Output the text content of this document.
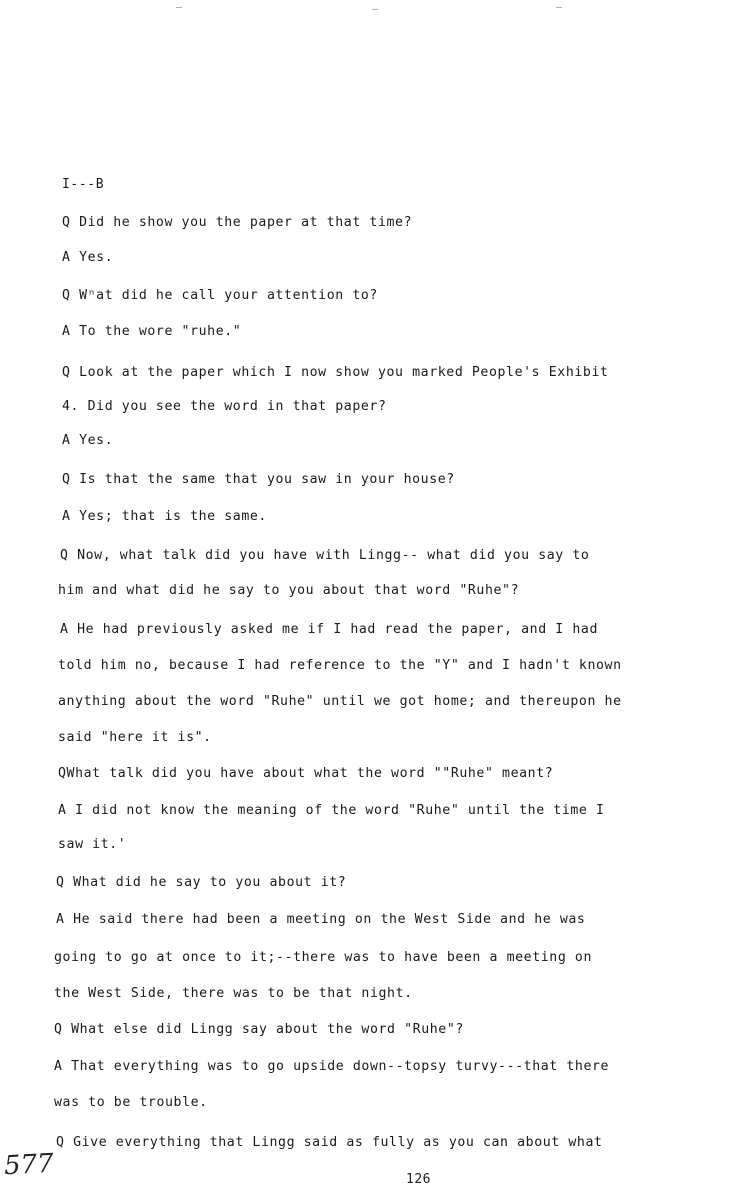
‒	‒	‒
I---B
Q Did he show you the paper at that time?
A Yes.
Q Wⁿat did he call your attention to?
A To the wore "ruhe."
Q Look at the paper which I now show you marked People's Exhibit
4. Did you see the word in that paper?
A Yes.
Q Is that the same that you saw in your house?
A Yes; that is the same.
Q Now, what talk did you have with Lingg-- what did you say to
him and what did he say to you about that word "Ruhe"?
A He had previously asked me if I had read the paper, and I had
told him no, because I had reference to the "Y" and I hadn't known
anything about the word "Ruhe" until we got home; and thereupon he
said "here it is".
QWhat talk did you have about what the word ""Ruhe" meant?
A I did not know the meaning of the word "Ruhe" until the time I
saw it.'
Q What did he say to you about it?
A He said there had been a meeting on the West Side and he was
going to go at once to it;--there was to have been a meeting on
the West Side, there was to be that night.
Q What else did Lingg say about the word "Ruhe"?
A That everything was to go upside down--topsy turvy---that there
was to be trouble.
Q Give everything that Lingg said as fully as you can about what
577	126
